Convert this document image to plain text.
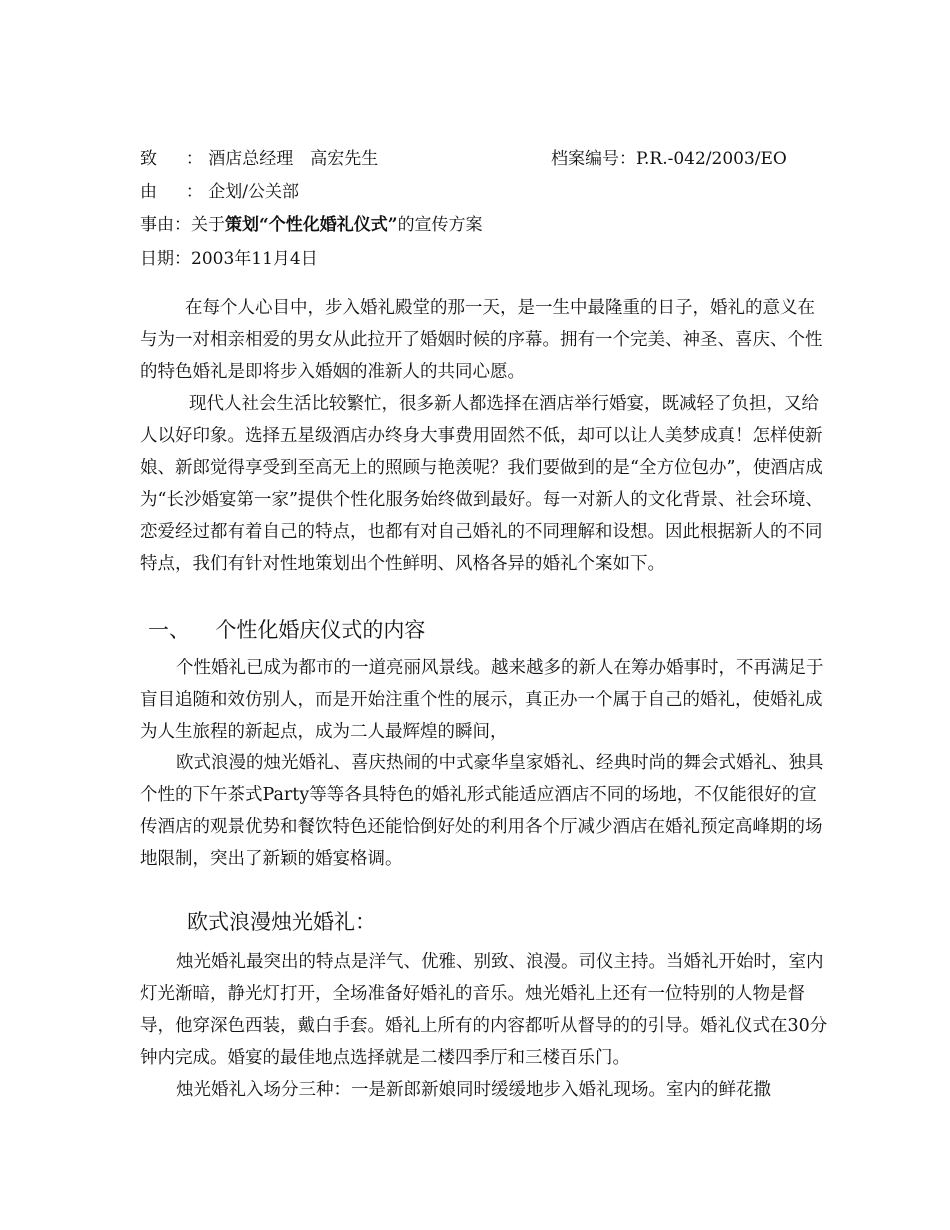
致 ： 酒店总经理　高宏先生	档案编号：P.R.-042/2003/EO
由 ： 企划/公关部
事由：关于策划“个性化婚礼仪式”的宣传方案
日期：2003年11月4日
在每个人心目中，步入婚礼殿堂的那一天，是一生中最隆重的日子，婚礼的意义在与为一对相亲相爱的男女从此拉开了婚姻时候的序幕。拥有一个完美、神圣、喜庆、个性的特色婚礼是即将步入婚姻的准新人的共同心愿。
现代人社会生活比较繁忙，很多新人都选择在酒店举行婚宴，既减轻了负担，又给人以好印象。选择五星级酒店办终身大事费用固然不低，却可以让人美梦成真！怎样使新娘、新郎觉得享受到至高无上的照顾与艳羡呢？我们要做到的是“全方位包办”，使酒店成为“长沙婚宴第一家”提供个性化服务始终做到最好。每一对新人的文化背景、社会环境、恋爱经过都有着自己的特点，也都有对自己婚礼的不同理解和设想。因此根据新人的不同特点，我们有针对性地策划出个性鲜明、风格各异的婚礼个案如下。
一、 个性化婚庆仪式的内容
个性婚礼已成为都市的一道亮丽风景线。越来越多的新人在筹办婚事时，不再满足于盲目追随和效仿别人，而是开始注重个性的展示，真正办一个属于自己的婚礼，使婚礼成为人生旅程的新起点，成为二人最辉煌的瞬间，
欧式浪漫的烛光婚礼、喜庆热闹的中式豪华皇家婚礼、经典时尚的舞会式婚礼、独具个性的下午茶式Party等等各具特色的婚礼形式能适应酒店不同的场地，不仅能很好的宣传酒店的观景优势和餐饮特色还能恰倒好处的利用各个厅减少酒店在婚礼预定高峰期的场地限制，突出了新颖的婚宴格调。
欧式浪漫烛光婚礼：
烛光婚礼最突出的特点是洋气、优雅、别致、浪漫。司仪主持。当婚礼开始时，室内灯光渐暗，静光灯打开，全场准备好婚礼的音乐。烛光婚礼上还有一位特别的人物是督导，他穿深色西装，戴白手套。婚礼上所有的内容都听从督导的的引导。婚礼仪式在30分钟内完成。婚宴的最佳地点选择就是二楼四季厅和三楼百乐门。
烛光婚礼入场分三种：一是新郎新娘同时缓缓地步入婚礼现场。室内的鲜花撒
